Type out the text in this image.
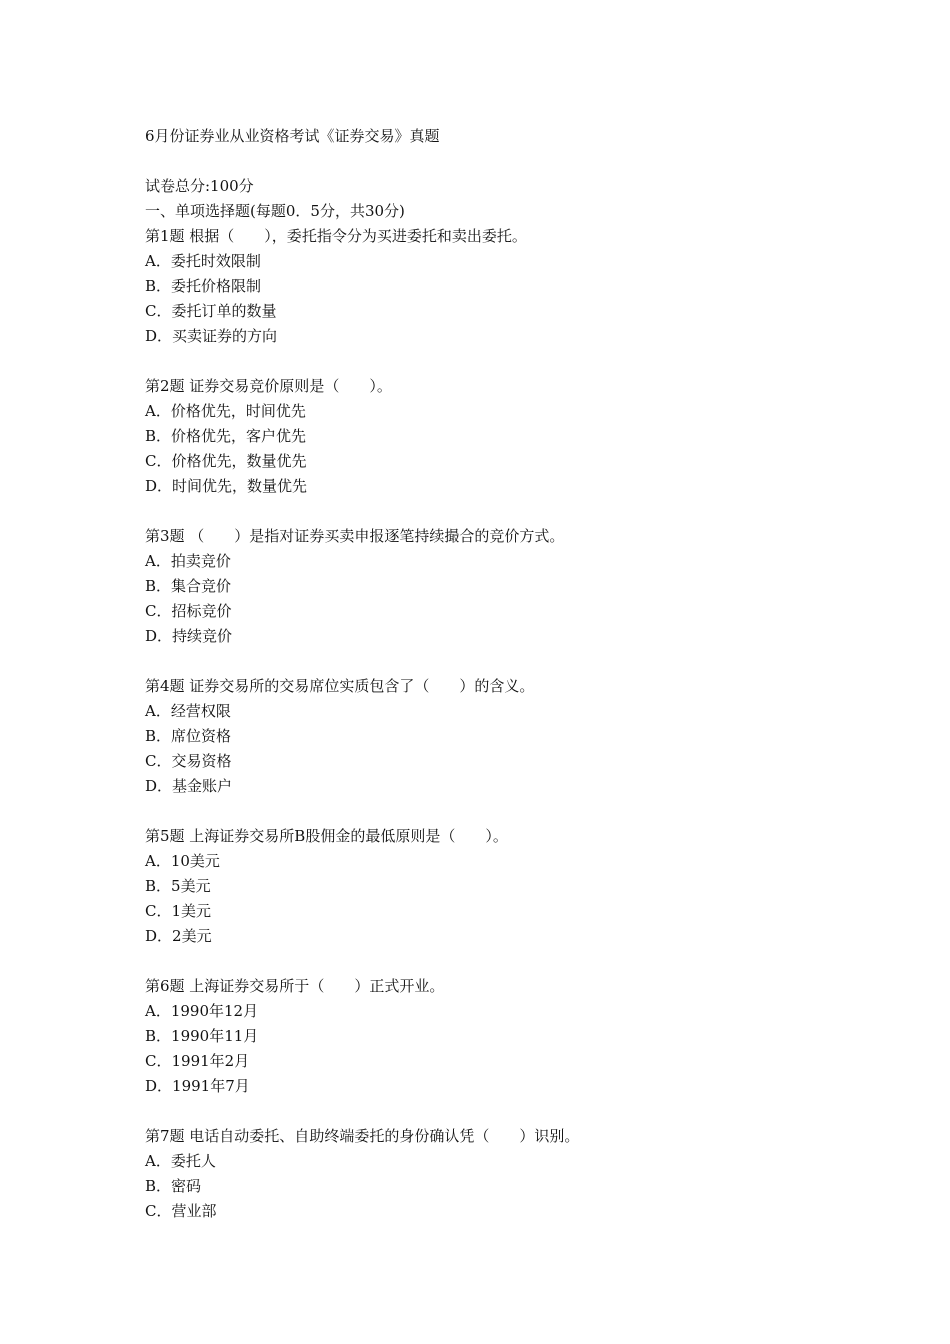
6月份证券业从业资格考试《证券交易》真题
试卷总分:100分
一、单项选择题(每题0．5分，共30分)
第1题 根据（　　），委托指令分为买进委托和卖出委托。
A．委托时效限制
B．委托价格限制
C．委托订单的数量
D．买卖证券的方向
第2题 证券交易竞价原则是（　　）。
A．价格优先，时间优先
B．价格优先，客户优先
C．价格优先，数量优先
D．时间优先，数量优先
第3题 （　　）是指对证券买卖申报逐笔持续撮合的竞价方式。
A．拍卖竞价
B．集合竞价
C．招标竞价
D．持续竞价
第4题 证券交易所的交易席位实质包含了（　　）的含义。
A．经营权限
B．席位资格
C．交易资格
D．基金账户
第5题 上海证券交易所B股佣金的最低原则是（　　）。
A．10美元
B．5美元
C．1美元
D．2美元
第6题 上海证券交易所于（　　）正式开业。
A．1990年12月
B．1990年11月
C．1991年2月
D．1991年7月
第7题 电话自动委托、自助终端委托的身份确认凭（　　）识别。
A．委托人
B．密码
C．营业部
